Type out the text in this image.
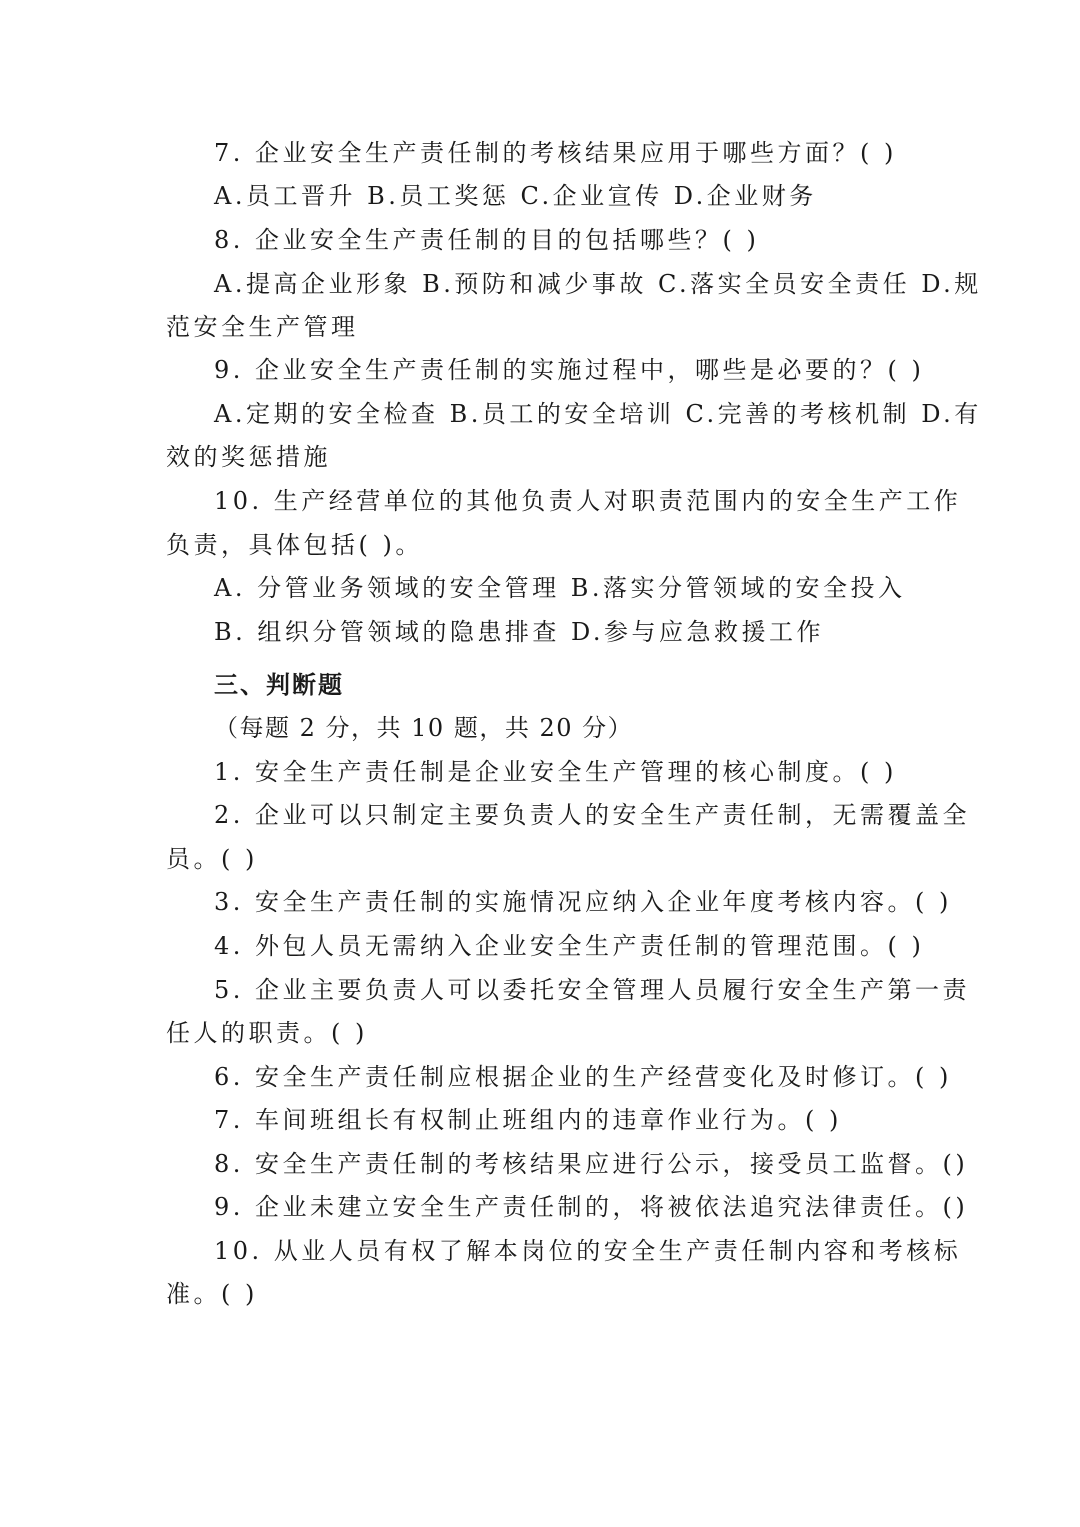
7. 企业安全生产责任制的考核结果应用于哪些方面？( )
A.员工晋升 B.员工奖惩 C.企业宣传 D.企业财务
8. 企业安全生产责任制的目的包括哪些？( )
A.提高企业形象 B.预防和减少事故 C.落实全员安全责任 D.规
范安全生产管理
9. 企业安全生产责任制的实施过程中，哪些是必要的？( )
A.定期的安全检查 B.员工的安全培训 C.完善的考核机制 D.有
效的奖惩措施
10. 生产经营单位的其他负责人对职责范围内的安全生产工作
负责，具体包括( )。
A. 分管业务领域的安全管理 B.落实分管领域的安全投入
B. 组织分管领域的隐患排查 D.参与应急救援工作
三、判断题
（每题 2 分，共 10 题，共 20 分）
1. 安全生产责任制是企业安全生产管理的核心制度。( )
2. 企业可以只制定主要负责人的安全生产责任制，无需覆盖全
员。( )
3. 安全生产责任制的实施情况应纳入企业年度考核内容。( )
4. 外包人员无需纳入企业安全生产责任制的管理范围。( )
5. 企业主要负责人可以委托安全管理人员履行安全生产第一责
任人的职责。( )
6. 安全生产责任制应根据企业的生产经营变化及时修订。( )
7. 车间班组长有权制止班组内的违章作业行为。( )
8. 安全生产责任制的考核结果应进行公示，接受员工监督。()
9. 企业未建立安全生产责任制的，将被依法追究法律责任。()
10. 从业人员有权了解本岗位的安全生产责任制内容和考核标
准。( )
